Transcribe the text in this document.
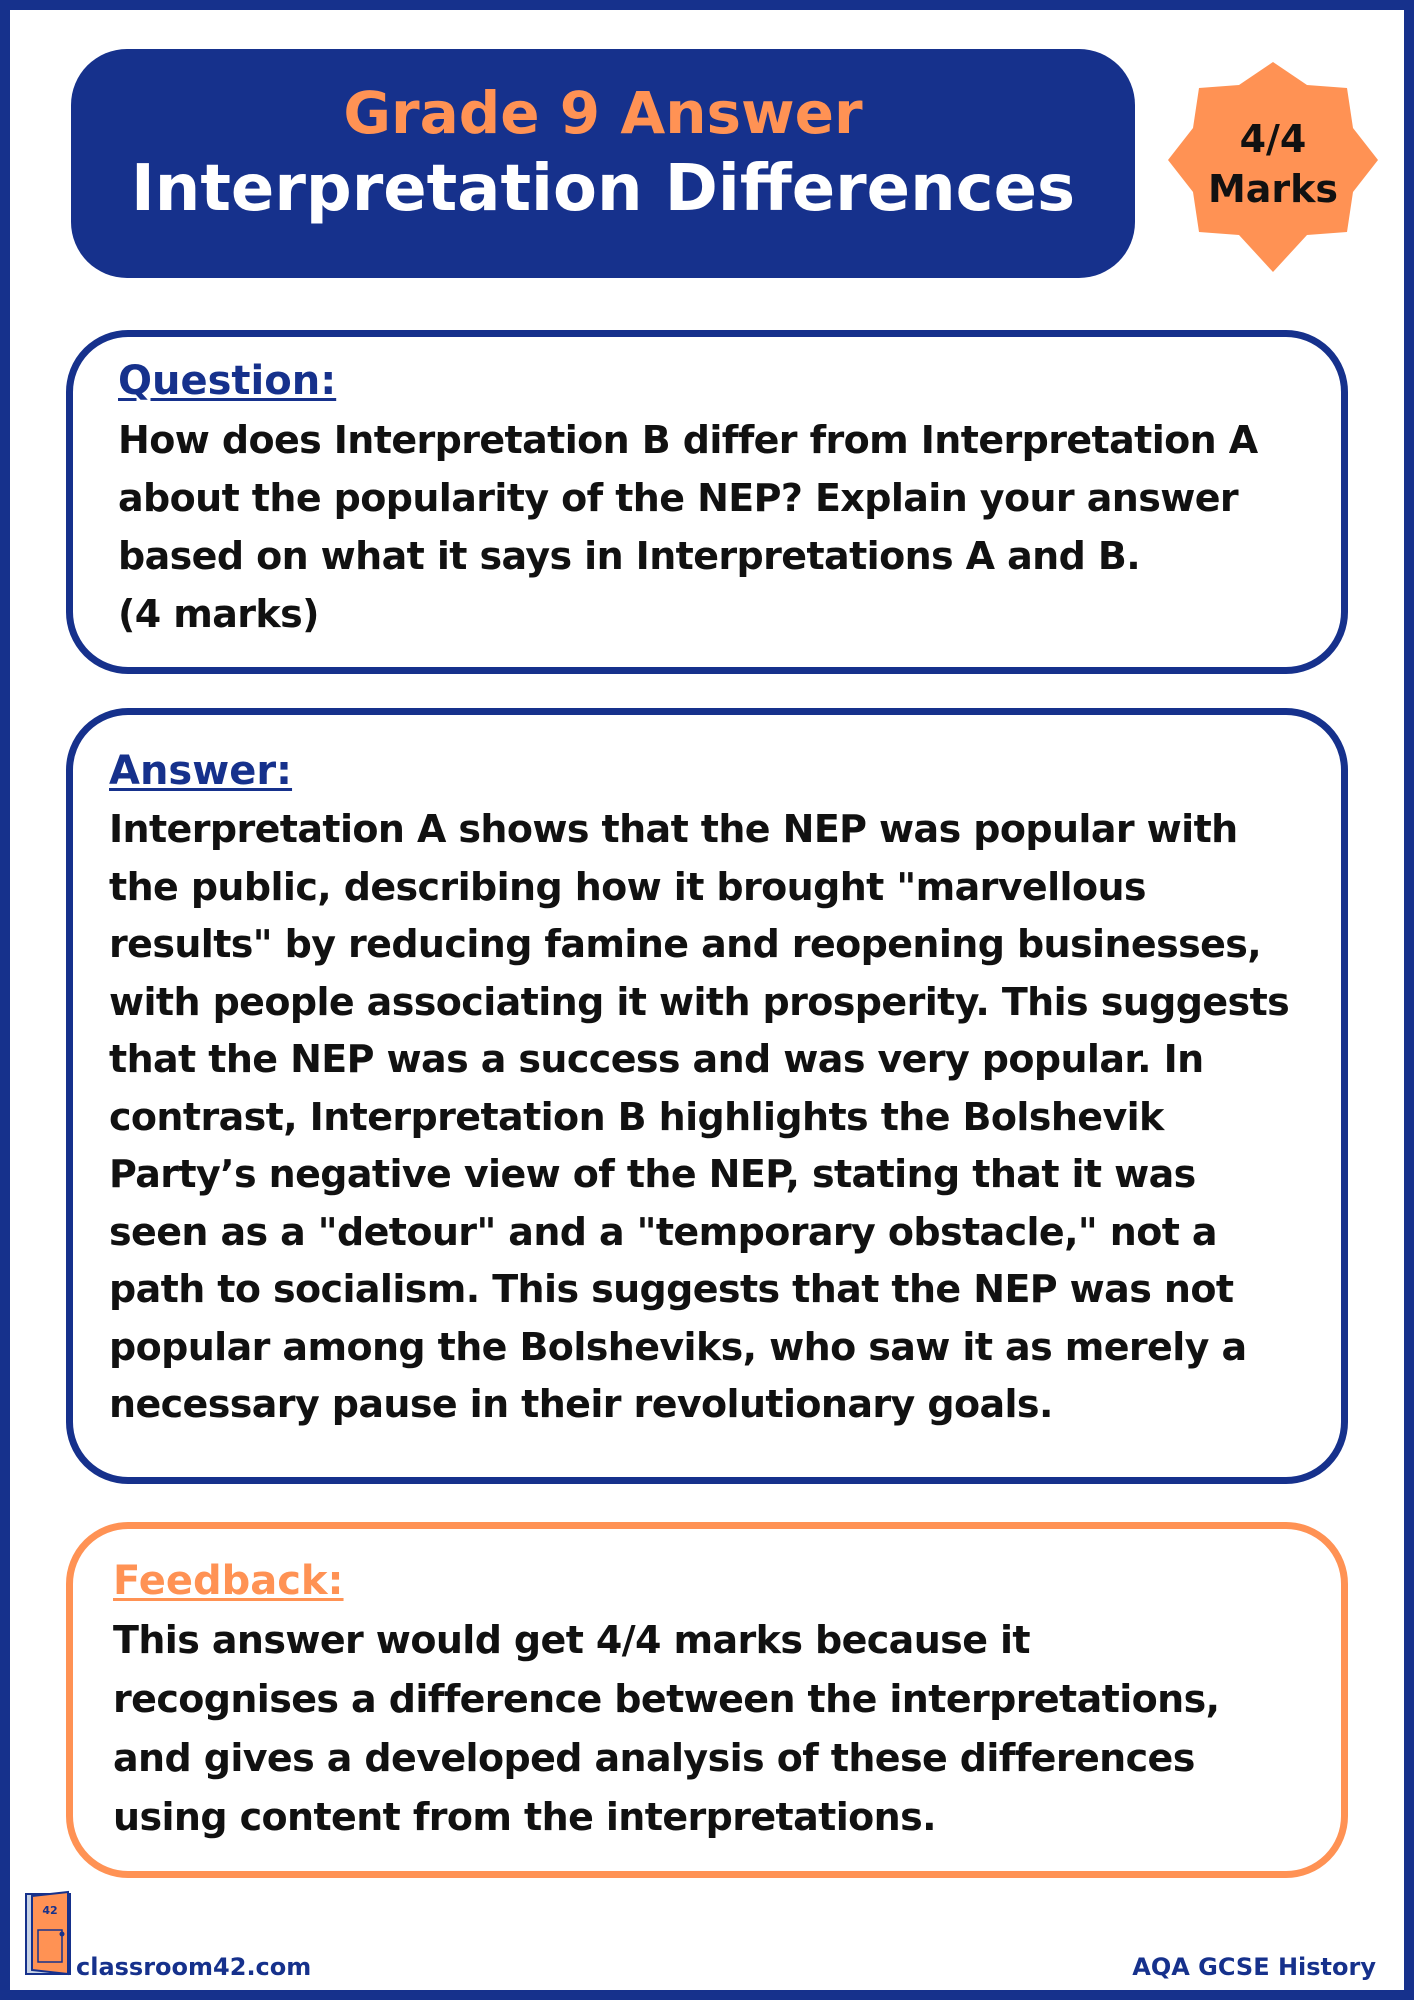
Grade 9 Answer
Interpretation Differences
4/4
Marks
Question:
How does Interpretation B differ from Interpretation A
about the popularity of the NEP? Explain your answer
based on what it says in Interpretations A and B.
(4 marks)
Answer:
Interpretation A shows that the NEP was popular with
the public, describing how it brought "marvellous
results" by reducing famine and reopening businesses,
with people associating it with prosperity. This suggests
that the NEP was a success and was very popular. In
contrast, Interpretation B highlights the Bolshevik
Party’s negative view of the NEP, stating that it was
seen as a "detour" and a "temporary obstacle," not a
path to socialism. This suggests that the NEP was not
popular among the Bolsheviks, who saw it as merely a
necessary pause in their revolutionary goals.
Feedback:
This answer would get 4/4 marks because it
recognises a difference between the interpretations,
and gives a developed analysis of these differences
using content from the interpretations.
42
classroom42.com	AQA GCSE History
